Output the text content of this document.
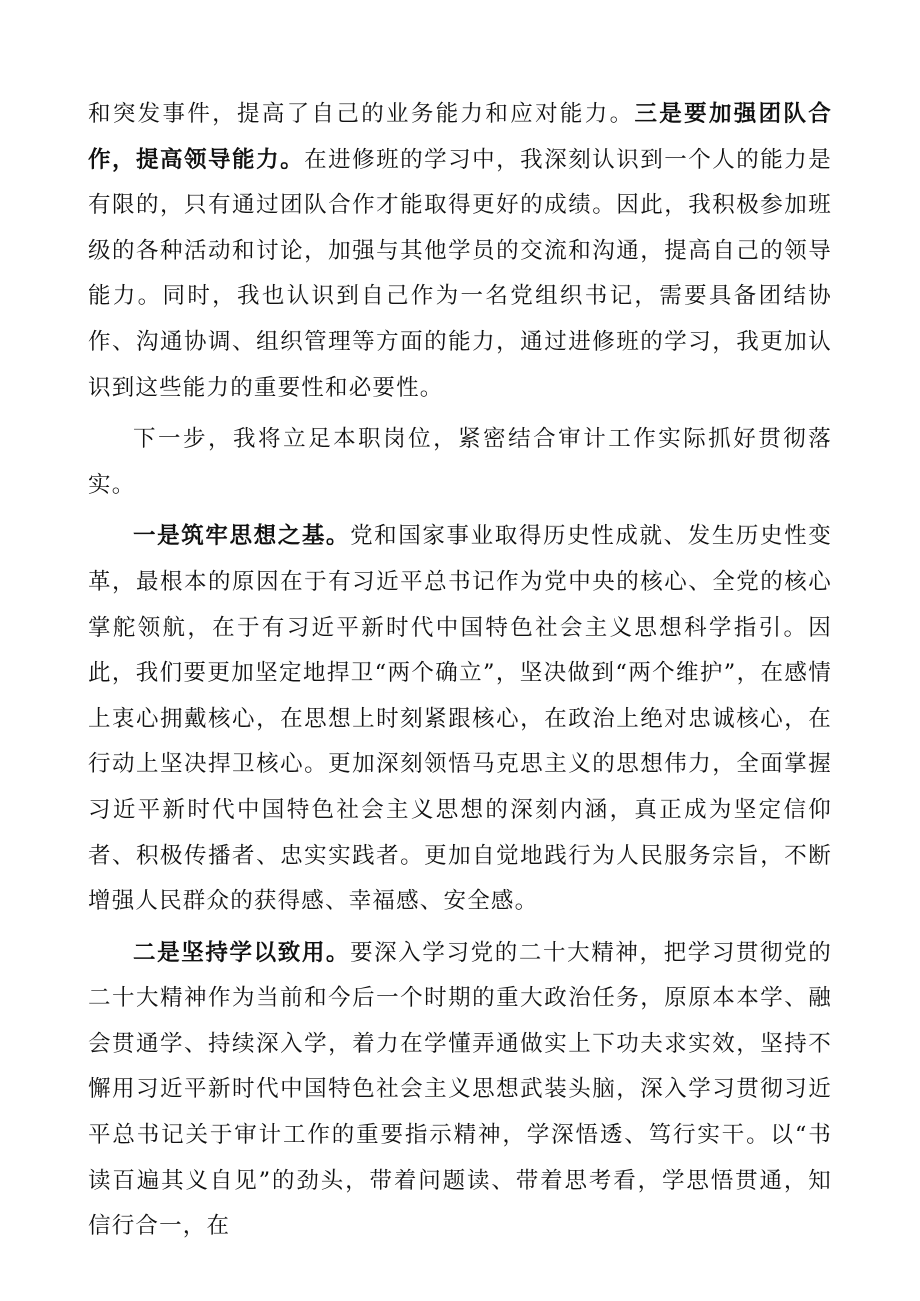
和突发事件，提高了自己的业务能力和应对能力。三是要加强团队合作，提高领导能力。在进修班的学习中，我深刻认识到一个人的能力是有限的，只有通过团队合作才能取得更好的成绩。因此，我积极参加班级的各种活动和讨论，加强与其他学员的交流和沟通，提高自己的领导能力。同时，我也认识到自己作为一名党组织书记，需要具备团结协作、沟通协调、组织管理等方面的能力，通过进修班的学习，我更加认识到这些能力的重要性和必要性。

下一步，我将立足本职岗位，紧密结合审计工作实际抓好贯彻落实。

一是筑牢思想之基。党和国家事业取得历史性成就、发生历史性变革，最根本的原因在于有习近平总书记作为党中央的核心、全党的核心掌舵领航，在于有习近平新时代中国特色社会主义思想科学指引。因此，我们要更加坚定地捍卫“两个确立”，坚决做到“两个维护”，在感情上衷心拥戴核心，在思想上时刻紧跟核心，在政治上绝对忠诚核心，在行动上坚决捍卫核心。更加深刻领悟马克思主义的思想伟力，全面掌握习近平新时代中国特色社会主义思想的深刻内涵，真正成为坚定信仰者、积极传播者、忠实实践者。更加自觉地践行为人民服务宗旨，不断增强人民群众的获得感、幸福感、安全感。

二是坚持学以致用。要深入学习党的二十大精神，把学习贯彻党的二十大精神作为当前和今后一个时期的重大政治任务，原原本本学、融会贯通学、持续深入学，着力在学懂弄通做实上下功夫求实效，坚持不懈用习近平新时代中国特色社会主义思想武装头脑，深入学习贯彻习近平总书记关于审计工作的重要指示精神，学深悟透、笃行实干。以“书读百遍其义自见”的劲头，带着问题读、带着思考看，学思悟贯通，知信行合一，在
